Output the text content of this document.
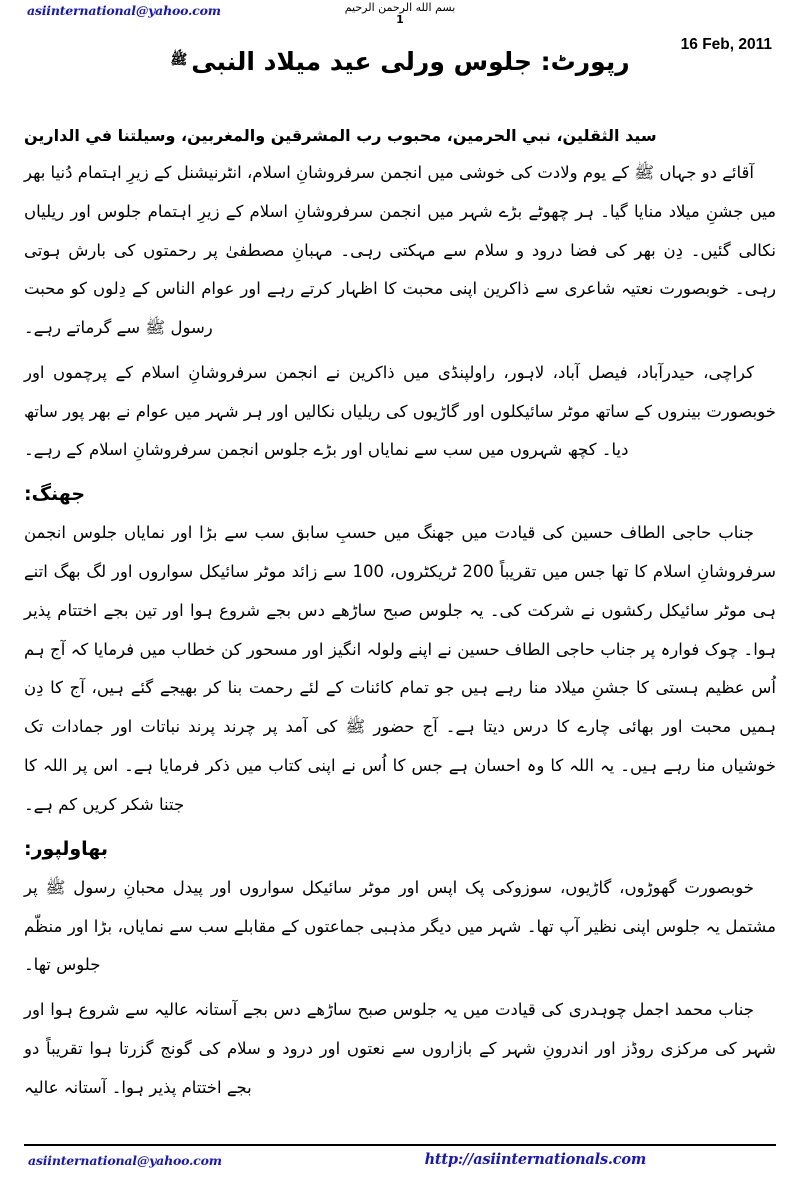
asiinternational@yahoo.com	بسم الله الرحمن الرحيم
1
16 Feb, 2011
رپورٹ: جلوس ورلی عید میلاد النبی$^ﷺ$

سيد الثقلين، نبي الحرمين، محبوب رب المشرقين والمغربين، وسيلتنا في الدارين

آقائے دو جہاں ﷺ کے یوم ولادت کی خوشی میں انجمن سرفروشانِ اسلام، انٹرنیشنل کے زیرِ اہتمام دُنیا بھر میں جشنِ میلاد منایا گیا۔ ہر چھوٹے بڑے شہر میں انجمن سرفروشانِ اسلام کے زیرِ اہتمام جلوس اور ریلیاں نکالی گئیں۔ دِن بھر کی فضا درود و سلام سے مہکتی رہی۔ مہبانِ مصطفیٰ پر رحمتوں کی بارش ہوتی رہی۔ خوبصورت نعتیہ شاعری سے ذاکرین اپنی محبت کا اظہار کرتے رہے اور عوام الناس کے دِلوں کو محبت رسول ﷺ سے گرماتے رہے۔

کراچی، حیدرآباد، فیصل آباد، لاہور، راولپنڈی میں ذاکرین نے انجمن سرفروشانِ اسلام کے پرچموں اور خوبصورت بینروں کے ساتھ موٹر سائیکلوں اور گاڑیوں کی ریلیاں نکالیں اور ہر شہر میں عوام نے بھر پور ساتھ دیا۔ کچھ شہروں میں سب سے نمایاں اور بڑے جلوس انجمن سرفروشانِ اسلام کے رہے۔

جھنگ:

جناب حاجی الطاف حسین کی قیادت میں جھنگ میں حسبِ سابق سب سے بڑا اور نمایاں جلوس انجمن سرفروشانِ اسلام کا تھا جس میں تقریباً 200 ٹریکٹروں، 100 سے زائد موٹر سائیکل سواروں اور لگ بھگ اتنے ہی موٹر سائیکل رکشوں نے شرکت کی۔ یہ جلوس صبح ساڑھے دس بجے شروع ہوا اور تین بجے اختتام پذیر ہوا۔ چوک فوارہ پر جناب حاجی الطاف حسین نے اپنے ولولہ انگیز اور مسحور کن خطاب میں فرمایا کہ آج ہم اُس عظیم ہستی کا جشنِ میلاد منا رہے ہیں جو تمام کائنات کے لئے رحمت بنا کر بھیجے گئے ہیں، آج کا دِن ہمیں محبت اور بھائی چارے کا درس دیتا ہے۔ آج حضور ﷺ کی آمد پر چرند پرند نباتات اور جمادات تک خوشیاں منا رہے ہیں۔ یہ اللہ کا وہ احسان ہے جس کا اُس نے اپنی کتاب میں ذکر فرمایا ہے۔ اس پر اللہ کا جتنا شکر کریں کم ہے۔

بھاولپور:

خوبصورت گھوڑوں، گاڑیوں، سوزوکی پک اپس اور موٹر سائیکل سواروں اور پیدل محبانِ رسول ﷺ پر مشتمل یہ جلوس اپنی نظیر آپ تھا۔ شہر میں دیگر مذہبی جماعتوں کے مقابلے سب سے نمایاں، بڑا اور منظّم جلوس تھا۔

جناب محمد اجمل چوہدری کی قیادت میں یہ جلوس صبح ساڑھے دس بجے آستانہ عالیہ سے شروع ہوا اور شہر کی مرکزی روڈز اور اندرونِ شہر کے بازاروں سے نعتوں اور درود و سلام کی گونج گزرتا ہوا تقریباً دو بجے اختتام پذیر ہوا۔ آستانہ عالیہ

asiinternational@yahoo.com	http://asiinternationals.com
